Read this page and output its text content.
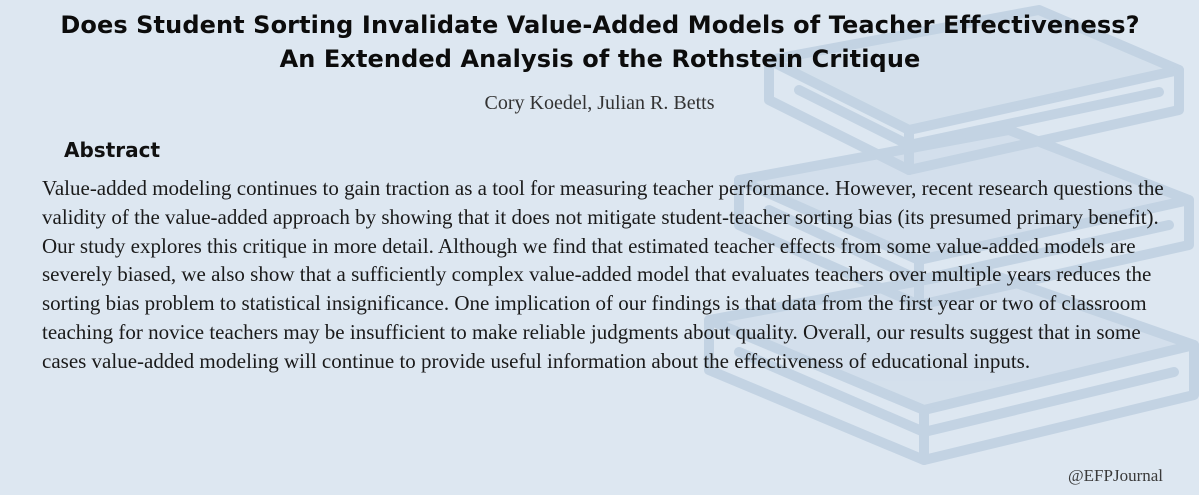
Does Student Sorting Invalidate Value-Added Models of Teacher Effectiveness? An Extended Analysis of the Rothstein Critique
Cory Koedel, Julian R. Betts
Abstract
Value-added modeling continues to gain traction as a tool for measuring teacher performance. However, recent research questions the validity of the value-added approach by showing that it does not mitigate student-teacher sorting bias (its presumed primary benefit). Our study explores this critique in more detail. Although we find that estimated teacher effects from some value-added models are severely biased, we also show that a sufficiently complex value-added model that evaluates teachers over multiple years reduces the sorting bias problem to statistical insignificance. One implication of our findings is that data from the first year or two of classroom teaching for novice teachers may be insufficient to make reliable judgments about quality. Overall, our results suggest that in some cases value-added modeling will continue to provide useful information about the effectiveness of educational inputs.
@EFPJournal
